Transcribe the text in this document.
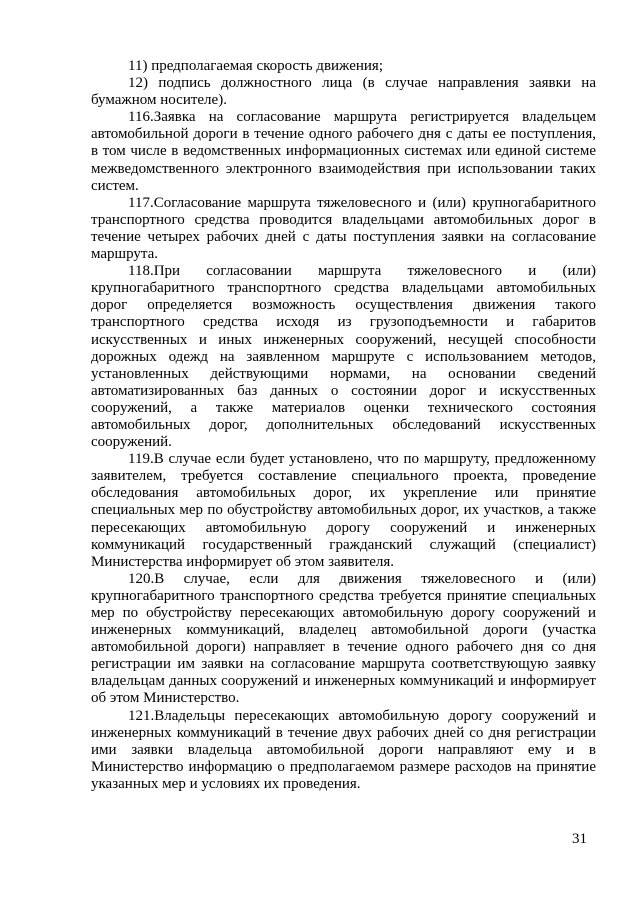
11) предполагаемая скорость движения;

12) подпись должностного лица (в случае направления заявки на бумажном носителе).

116.Заявка на согласование маршрута регистрируется владельцем автомобильной дороги в течение одного рабочего дня с даты ее поступления, в том числе в ведомственных информационных системах или единой системе межведомственного электронного взаимодействия при использовании таких систем.

117.Согласование маршрута тяжеловесного и (или) крупногабаритного транспортного средства проводится владельцами автомобильных дорог в течение четырех рабочих дней с даты поступления заявки на согласование маршрута.

118.При согласовании маршрута тяжеловесного и (или) крупногабаритного транспортного средства владельцами автомобильных дорог определяется возможность осуществления движения такого транспортного средства исходя из грузоподъемности и габаритов искусственных и иных инженерных сооружений, несущей способности дорожных одежд на заявленном маршруте с использованием методов, установленных действующими нормами, на основании сведений автоматизированных баз данных о состоянии дорог и искусственных сооружений, а также материалов оценки технического состояния автомобильных дорог, дополнительных обследований искусственных сооружений.

119.В случае если будет установлено, что по маршруту, предложенному заявителем, требуется составление специального проекта, проведение обследования автомобильных дорог, их укрепление или принятие специальных мер по обустройству автомобильных дорог, их участков, а также пересекающих автомобильную дорогу сооружений и инженерных коммуникаций государственный гражданский служащий (специалист) Министерства информирует об этом заявителя.

120.В случае, если для движения тяжеловесного и (или) крупногабаритного транспортного средства требуется принятие специальных мер по обустройству пересекающих автомобильную дорогу сооружений и инженерных коммуникаций, владелец автомобильной дороги (участка автомобильной дороги) направляет в течение одного рабочего дня со дня регистрации им заявки на согласование маршрута соответствующую заявку владельцам данных сооружений и инженерных коммуникаций и информирует об этом Министерство.

121.Владельцы пересекающих автомобильную дорогу сооружений и инженерных коммуникаций в течение двух рабочих дней со дня регистрации ими заявки владельца автомобильной дороги направляют ему и в Министерство информацию о предполагаемом размере расходов на принятие указанных мер и условиях их проведения.

31
